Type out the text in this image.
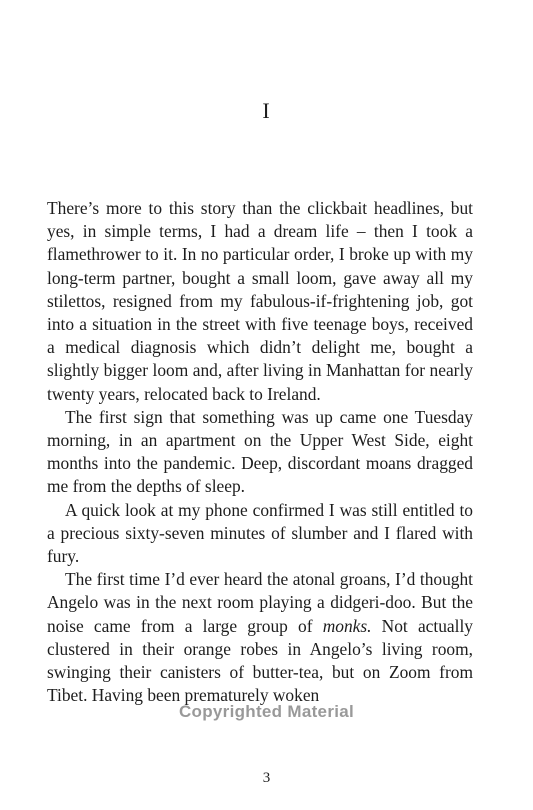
I

There’s more to this story than the clickbait headlines, but yes, in simple terms, I had a dream life – then I took a flamethrower to it. In no particular order, I broke up with my long-term partner, bought a small loom, gave away all my stilettos, resigned from my fabulous-if-frightening job, got into a situation in the street with five teenage boys, received a medical diagnosis which didn’t delight me, bought a slightly bigger loom and, after living in Manhattan for nearly twenty years, relocated back to Ireland.

The first sign that something was up came one Tuesday morning, in an apartment on the Upper West Side, eight months into the pandemic. Deep, discordant moans dragged me from the depths of sleep.

A quick look at my phone confirmed I was still entitled to a precious sixty-seven minutes of slumber and I flared with fury.

The first time I’d ever heard the atonal groans, I’d thought Angelo was in the next room playing a didgeri-doo. But the noise came from a large group of monks. Not actually clustered in their orange robes in Angelo’s living room, swinging their canisters of butter-tea, but on Zoom from Tibet. Having been prematurely woken

Copyrighted Material
3
